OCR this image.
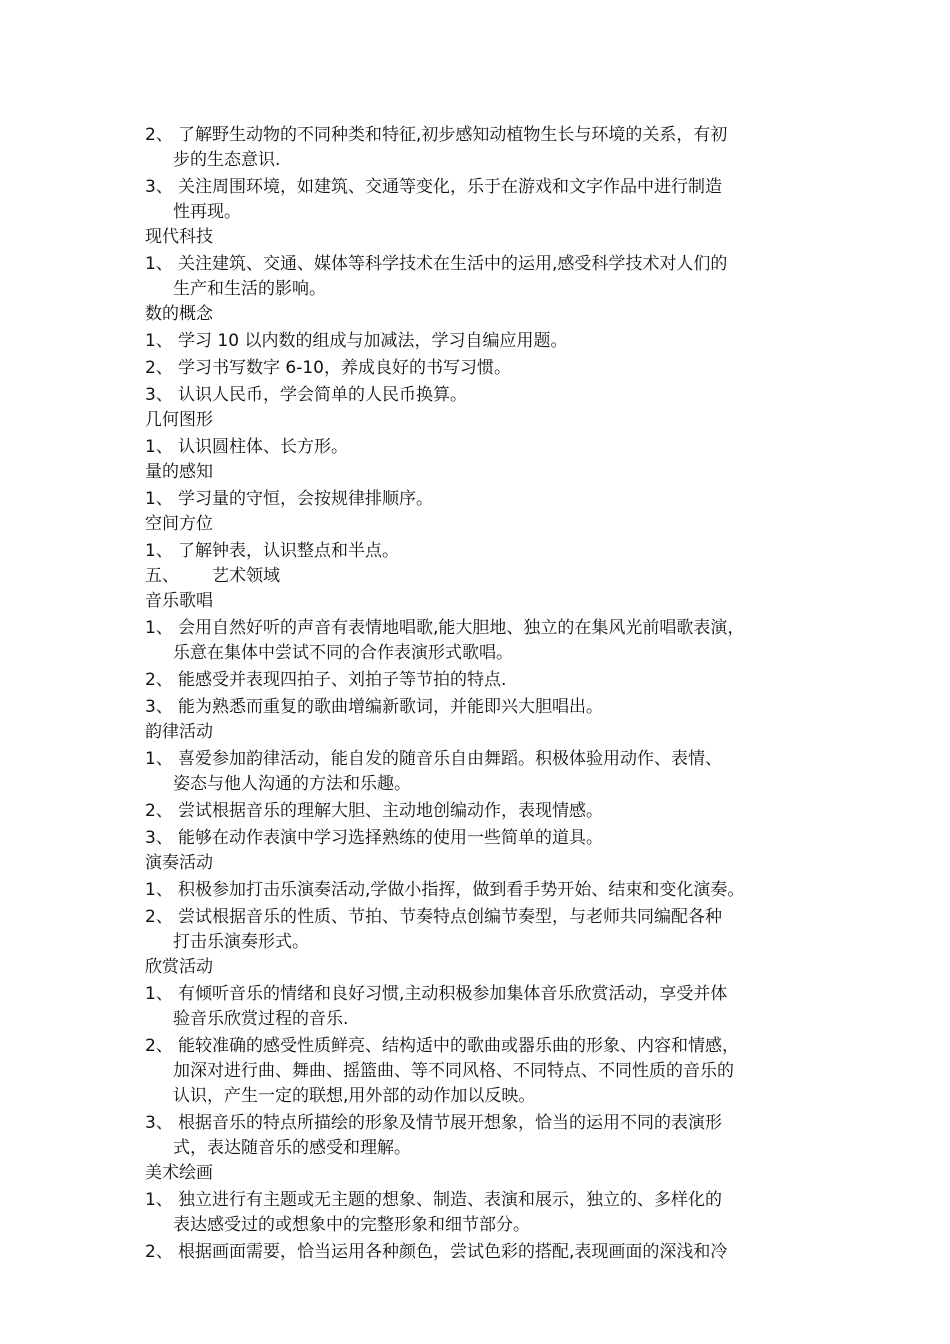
2、 了解野生动物的不同种类和特征,初步感知动植物生长与环境的关系，有初
步的生态意识.
3、 关注周围环境，如建筑、交通等变化，乐于在游戏和文字作品中进行制造
性再现。
现代科技
1、 关注建筑、交通、媒体等科学技术在生活中的运用,感受科学技术对人们的
生产和生活的影响。
数的概念
1、 学习 10 以内数的组成与加减法，学习自编应用题。
2、 学习书写数字 6-10，养成良好的书写习惯。
3、 认识人民币，学会简单的人民币换算。
几何图形
1、 认识圆柱体、长方形。
量的感知
1、 学习量的守恒，会按规律排顺序。
空间方位
1、 了解钟表，认识整点和半点。
五、 艺术领域
音乐歌唱
1、 会用自然好听的声音有表情地唱歌,能大胆地、独立的在集风光前唱歌表演，
乐意在集体中尝试不同的合作表演形式歌唱。
2、 能感受并表现四拍子、刘拍子等节拍的特点.
3、 能为熟悉而重复的歌曲增编新歌词，并能即兴大胆唱出。
韵律活动
1、 喜爱参加韵律活动，能自发的随音乐自由舞蹈。积极体验用动作、表情、
姿态与他人沟通的方法和乐趣。
2、 尝试根据音乐的理解大胆、主动地创编动作，表现情感。
3、 能够在动作表演中学习选择熟练的使用一些简单的道具。
演奏活动
1、 积极参加打击乐演奏活动,学做小指挥，做到看手势开始、结束和变化演奏。
2、 尝试根据音乐的性质、节拍、节奏特点创编节奏型，与老师共同编配各种
打击乐演奏形式。
欣赏活动
1、 有倾听音乐的情绪和良好习惯,主动积极参加集体音乐欣赏活动，享受并体
验音乐欣赏过程的音乐.
2、 能较准确的感受性质鲜亮、结构适中的歌曲或器乐曲的形象、内容和情感，
加深对进行曲、舞曲、摇篮曲、等不同风格、不同特点、不同性质的音乐的
认识，产生一定的联想,用外部的动作加以反映。
3、 根据音乐的特点所描绘的形象及情节展开想象，恰当的运用不同的表演形
式，表达随音乐的感受和理解。
美术绘画
1、 独立进行有主题或无主题的想象、制造、表演和展示，独立的、多样化的
表达感受过的或想象中的完整形象和细节部分。
2、 根据画面需要，恰当运用各种颜色，尝试色彩的搭配,表现画面的深浅和冷
